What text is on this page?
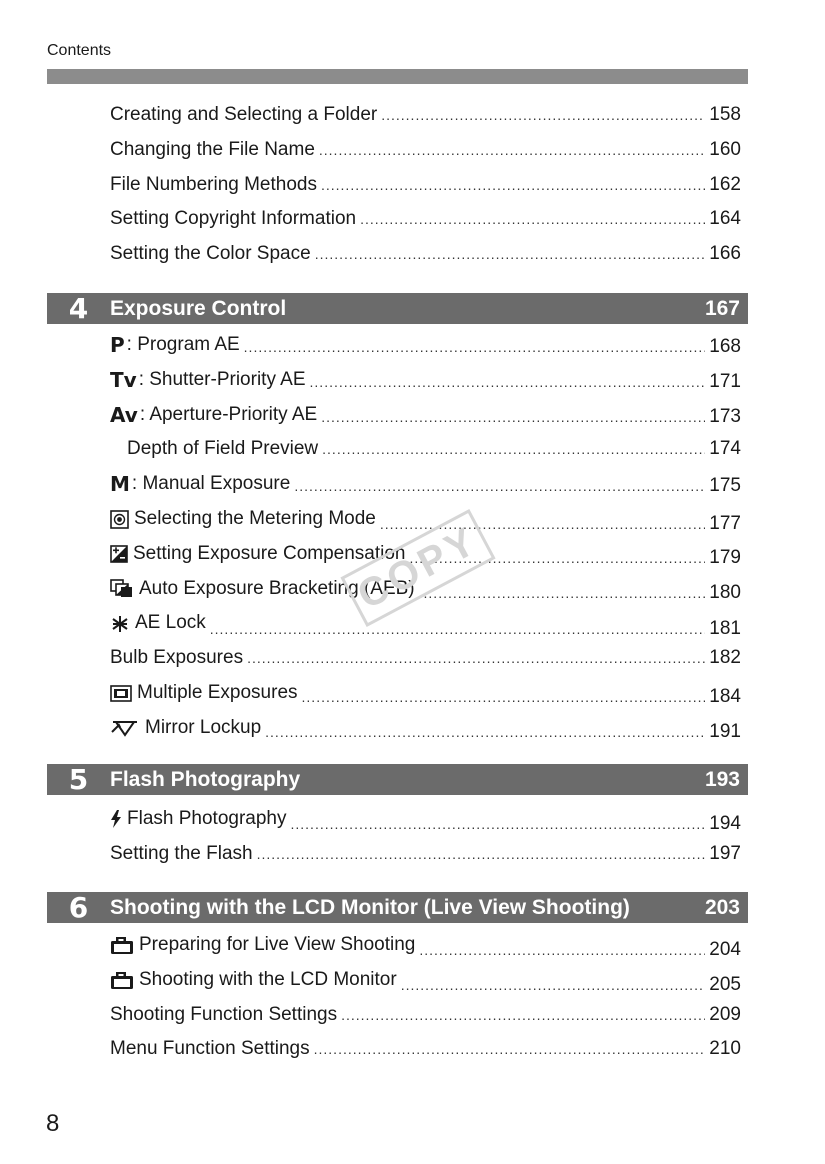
Contents
Creating and Selecting a Folder .....	158
Changing the File Name .....	160
File Numbering Methods .....	162
Setting Copyright Information .....	164
Setting the Color Space .....	166
4	Exposure Control	167
P : Program AE .....	168
Tv : Shutter-Priority AE .....	171
Av : Aperture-Priority AE .....	173
Depth of Field Preview .....	174
M : Manual Exposure .....	175
Selecting the Metering Mode .....	177
Setting Exposure Compensation .....	179
Auto Exposure Bracketing (AEB) .....	180
AE Lock .....	181
Bulb Exposures .....	182
Multiple Exposures .....	184
Mirror Lockup .....	191
5	Flash Photography	193
Flash Photography .....	194
Setting the Flash .....	197
6	Shooting with the LCD Monitor (Live View Shooting)	203
Preparing for Live View Shooting .....	204
Shooting with the LCD Monitor .....	205
Shooting Function Settings .....	209
Menu Function Settings .....	210
COPY
8
